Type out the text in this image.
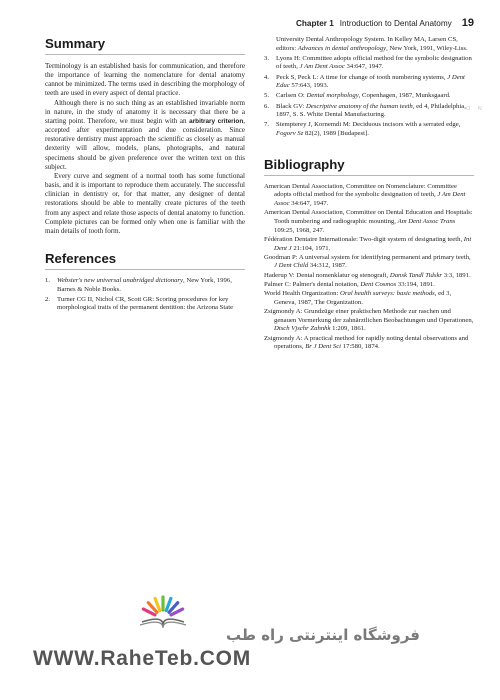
Chapter 1 Introduction to Dental Anatomy 19
Summary

Terminology is an established basis for communication, and therefore the importance of learning the nomenclature for dental anatomy cannot be minimized. The terms used in describing the morphology of teeth are used in every aspect of dental practice.

Although there is no such thing as an established invariable norm in nature, in the study of anatomy it is necessary that there be a starting point. Therefore, we must begin with an arbitrary criterion, accepted after experimentation and due consideration. Since restorative dentistry must approach the scientific as closely as manual dexterity will allow, models, plans, photographs, and natural specimens should be given preference over the written text on this subject.

Every curve and segment of a normal tooth has some functional basis, and it is important to reproduce them accurately. The successful clinician in dentistry or, for that matter, any designer of dental restorations should be able to mentally create pictures of the teeth from any aspect and relate those aspects of dental anatomy to function. Complete pictures can be formed only when one is familiar with the main details of tooth form.

References
1.	Webster's new universal unabridged dictionary, New York, 1996, Barnes & Noble Books.
2.	Turner CG II, Nichol CR, Scott GR: Scoring procedures for key morphological traits of the permanent dentition: the Arizona State

University Dental Anthropology System. In Kelley MA, Larsen CS, editors: Advances in dental anthropology, New York, 1991, Wiley-Liss.

3.	Lyons H: Committee adopts official method for the symbolic designation of teeth, J Am Dent Assoc 34:647, 1947.
4.	Peck S, Peck L: A time for change of tooth numbering systems, J Dent Educ 57:643, 1993.
5.	Carlsen O: Dental morphology, Copenhagen, 1987, Munksgaard.
6.	Black GV: Descriptive anatomy of the human teeth, ed 4, Philadelphia, 1897, S. S. White Dental Manufacturing.
7.	Stempterey J, Kornemdi M: Deciduous incisors with a serrated edge, Fogorv Sz 82(2), 1989 [Budapest].
Bibliography
American Dental Association, Committee on Nomenclature: Committee adopts official method for the symbolic designation of teeth, J Am Dent Assoc 34:647, 1947.
American Dental Association, Committee on Dental Education and Hospitals: Tooth numbering and radiographic mounting, Am Dent Assoc Trans 109:25, 1968, 247.
Fédération Dentaire Internationale: Two-digit system of designating teeth, Int Dent J 21:104, 1971.
Goodman P: A universal system for identifying permanent and primary teeth, J Dent Child 34:312, 1987.
Haderup V: Dental nomenklatur og stenografi, Dansk Tandl Tidskr 3:3, 1891.
Palmer C: Palmer's dental notation, Dent Cosmos 33:194, 1891.
World Health Organization: Oral health surveys: basic methods, ed 3, Geneva, 1987, The Organization.
Zsigmondy A: Grundzüge einer praktischen Methode zur raschen und genauen Vormerkung der zahnärztlichen Beobachtungen und Operationen, Dtsch Vjschr Zahnhk 1:209, 1861.
Zsigmondy A: A practical method for rapidly noting dental observations and operations, Br J Dent Sci 17:580, 1874.
O N
فروشگاه اینترنتی راه طب
WWW.RaheTeb.COM
